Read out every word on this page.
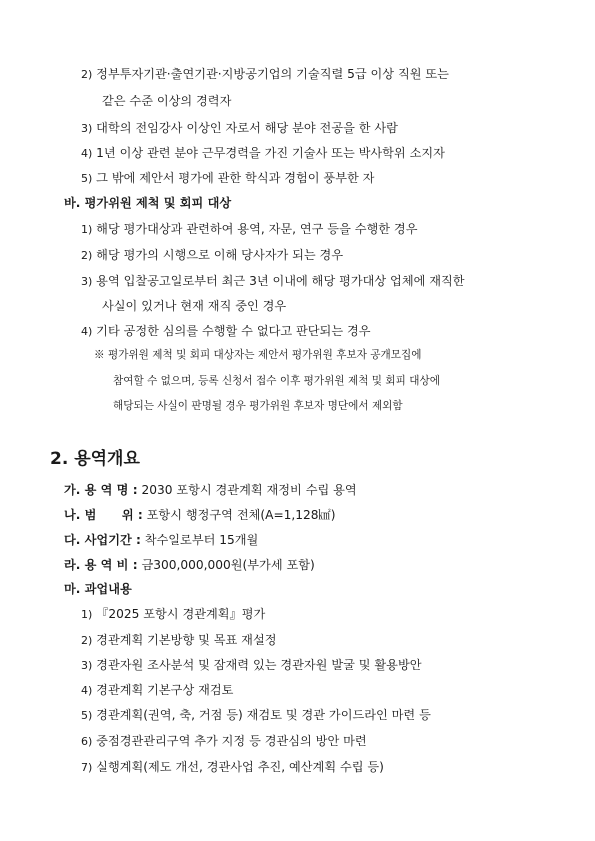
2) 정부투자기관·출연기관·지방공기업의 기술직렬 5급 이상 직원 또는
같은 수준 이상의 경력자
3) 대학의 전임강사 이상인 자로서 해당 분야 전공을 한 사람
4) 1년 이상 관련 분야 근무경력을 가진 기술사 또는 박사학위 소지자
5) 그 밖에 제안서 평가에 관한 학식과 경험이 풍부한 자
바. 평가위원 제척 및 회피 대상
1) 해당 평가대상과 관련하여 용역, 자문, 연구 등을 수행한 경우
2) 해당 평가의 시행으로 이해 당사자가 되는 경우
3) 용역 입찰공고일로부터 최근 3년 이내에 해당 평가대상 업체에 재직한
사실이 있거나 현재 재직 중인 경우
4) 기타 공정한 심의를 수행할 수 없다고 판단되는 경우
※ 평가위원 제척 및 회피 대상자는 제안서 평가위원 후보자 공개모집에
참여할 수 없으며, 등록 신청서 접수 이후 평가위원 제척 및 회피 대상에
해당되는 사실이 판명될 경우 평가위원 후보자 명단에서 제외함
2. 용역개요
가. 용 역 명 : 2030 포항시 경관계획 재정비 수립 용역
나. 범      위 : 포항시 행정구역 전체(A=1,128㎢)
다. 사업기간 : 착수일로부터 15개월
라. 용 역 비 : 금300,000,000원(부가세 포함)
마. 과업내용
1) 『2025 포항시 경관계획』평가
2) 경관계획 기본방향 및 목표 재설정
3) 경관자원 조사분석 및 잠재력 있는 경관자원 발굴 및 활용방안
4) 경관계획 기본구상 재검토
5) 경관계획(권역, 축, 거점 등) 재검토 및 경관 가이드라인 마련 등
6) 중점경관관리구역 추가 지정 등 경관심의 방안 마련
7) 실행계획(제도 개선, 경관사업 추진, 예산계획 수립 등)
